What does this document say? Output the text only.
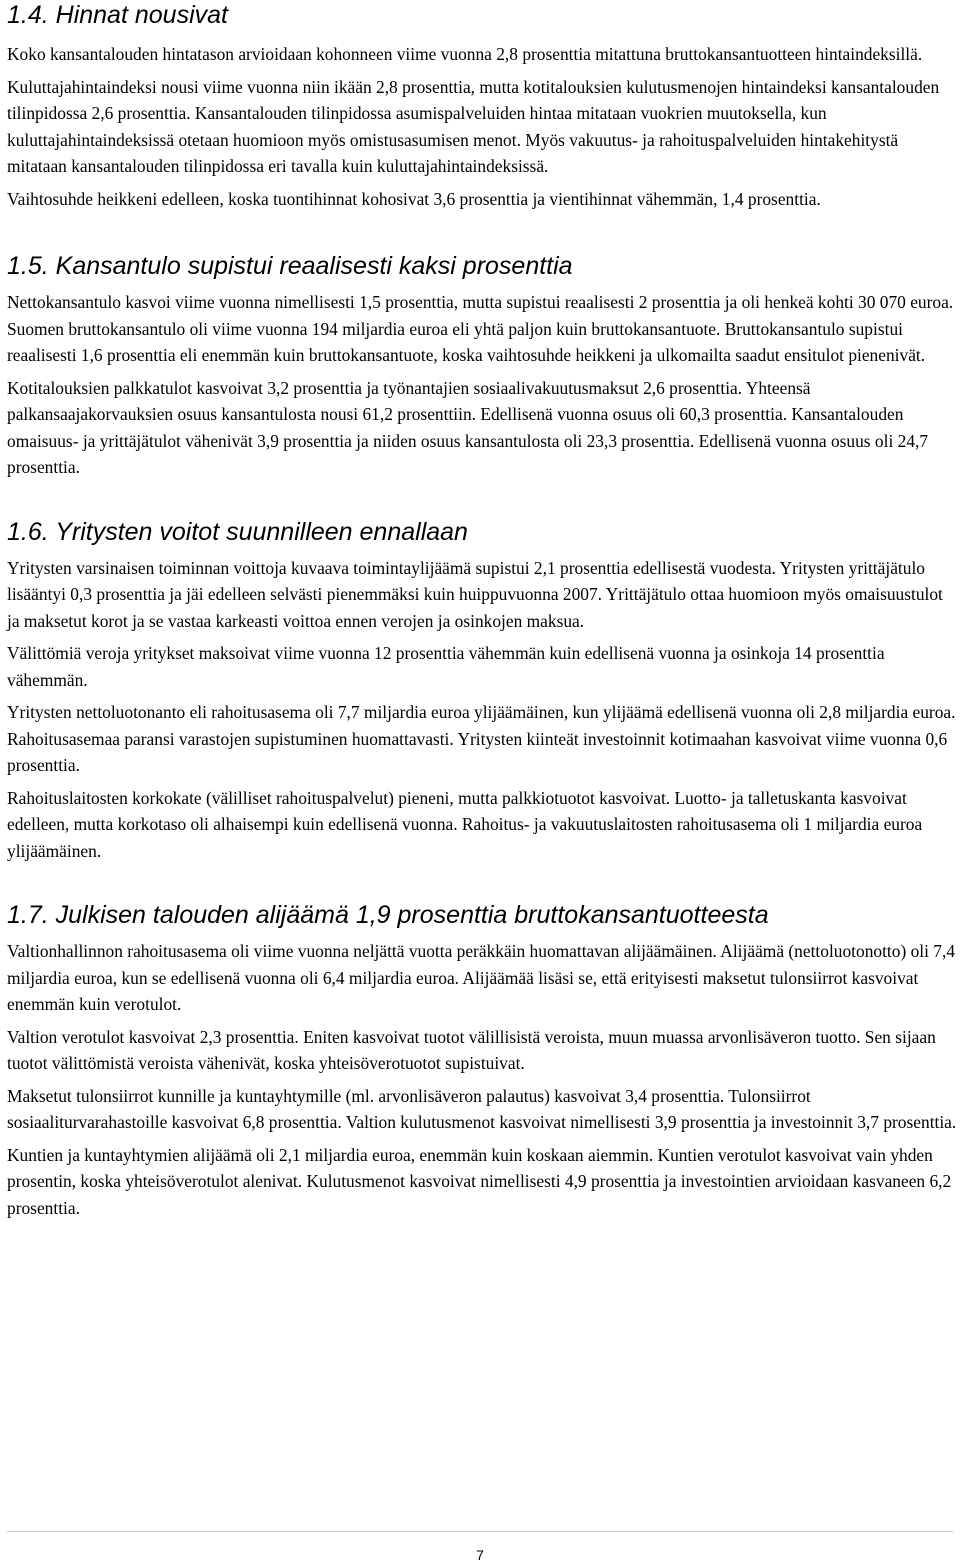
1.4. Hinnat nousivat

Koko kansantalouden hintatason arvioidaan kohonneen viime vuonna 2,8 prosenttia mitattuna bruttokansantuotteen hintaindeksillä.

Kuluttajahintaindeksi nousi viime vuonna niin ikään 2,8 prosenttia, mutta kotitalouksien kulutusmenojen hintaindeksi kansantalouden tilinpidossa 2,6 prosenttia. Kansantalouden tilinpidossa asumispalveluiden hintaa mitataan vuokrien muutoksella, kun kuluttajahintaindeksissä otetaan huomioon myös omistusasumisen menot. Myös vakuutus- ja rahoituspalveluiden hintakehitystä mitataan kansantalouden tilinpidossa eri tavalla kuin kuluttajahintaindeksissä.

Vaihtosuhde heikkeni edelleen, koska tuontihinnat kohosivat 3,6 prosenttia ja vientihinnat vähemmän, 1,4 prosenttia.

1.5. Kansantulo supistui reaalisesti kaksi prosenttia

Nettokansantulo kasvoi viime vuonna nimellisesti 1,5 prosenttia, mutta supistui reaalisesti 2 prosenttia ja oli henkeä kohti 30 070 euroa. Suomen bruttokansantulo oli viime vuonna 194 miljardia euroa eli yhtä paljon kuin bruttokansantuote. Bruttokansantulo supistui reaalisesti 1,6 prosenttia eli enemmän kuin bruttokansantuote, koska vaihtosuhde heikkeni ja ulkomailta saadut ensitulot pienenivät.

Kotitalouksien palkkatulot kasvoivat 3,2 prosenttia ja työnantajien sosiaalivakuutusmaksut 2,6 prosenttia. Yhteensä palkansaajakorvauksien osuus kansantulosta nousi 61,2 prosenttiin. Edellisenä vuonna osuus oli 60,3 prosenttia. Kansantalouden omaisuus- ja yrittäjätulot vähenivät 3,9 prosenttia ja niiden osuus kansantulosta oli 23,3 prosenttia. Edellisenä vuonna osuus oli 24,7 prosenttia.

1.6. Yritysten voitot suunnilleen ennallaan

Yritysten varsinaisen toiminnan voittoja kuvaava toimintaylijäämä supistui 2,1 prosenttia edellisestä vuodesta. Yritysten yrittäjätulo lisääntyi 0,3 prosenttia ja jäi edelleen selvästi pienemmäksi kuin huippuvuonna 2007. Yrittäjätulo ottaa huomioon myös omaisuustulot ja maksetut korot ja se vastaa karkeasti voittoa ennen verojen ja osinkojen maksua.

Välittömiä veroja yritykset maksoivat viime vuonna 12 prosenttia vähemmän kuin edellisenä vuonna ja osinkoja 14 prosenttia vähemmän.

Yritysten nettoluotonanto eli rahoitusasema oli 7,7 miljardia euroa ylijäämäinen, kun ylijäämä edellisenä vuonna oli 2,8 miljardia euroa. Rahoitusasemaa paransi varastojen supistuminen huomattavasti. Yritysten kiinteät investoinnit kotimaahan kasvoivat viime vuonna 0,6 prosenttia.

Rahoituslaitosten korkokate (välilliset rahoituspalvelut) pieneni, mutta palkkiotuotot kasvoivat. Luotto- ja talletuskanta kasvoivat edelleen, mutta korkotaso oli alhaisempi kuin edellisenä vuonna. Rahoitus- ja vakuutuslaitosten rahoitusasema oli 1 miljardia euroa ylijäämäinen.

1.7. Julkisen talouden alijäämä 1,9 prosenttia bruttokansantuotteesta

Valtionhallinnon rahoitusasema oli viime vuonna neljättä vuotta peräkkäin huomattavan alijäämäinen. Alijäämä (nettoluotonotto) oli 7,4 miljardia euroa, kun se edellisenä vuonna oli 6,4 miljardia euroa. Alijäämää lisäsi se, että erityisesti maksetut tulonsiirrot kasvoivat enemmän kuin verotulot.

Valtion verotulot kasvoivat 2,3 prosenttia. Eniten kasvoivat tuotot välillisistä veroista, muun muassa arvonlisäveron tuotto. Sen sijaan tuotot välittömistä veroista vähenivät, koska yhteisöverotuotot supistuivat.

Maksetut tulonsiirrot kunnille ja kuntayhtymille (ml. arvonlisäveron palautus) kasvoivat 3,4 prosenttia. Tulonsiirrot sosiaaliturvarahastoille kasvoivat 6,8 prosenttia. Valtion kulutusmenot kasvoivat nimellisesti 3,9 prosenttia ja investoinnit 3,7 prosenttia.

Kuntien ja kuntayhtymien alijäämä oli 2,1 miljardia euroa, enemmän kuin koskaan aiemmin. Kuntien verotulot kasvoivat vain yhden prosentin, koska yhteisöverotulot alenivat. Kulutusmenot kasvoivat nimellisesti 4,9 prosenttia ja investointien arvioidaan kasvaneen 6,2 prosenttia.

7
